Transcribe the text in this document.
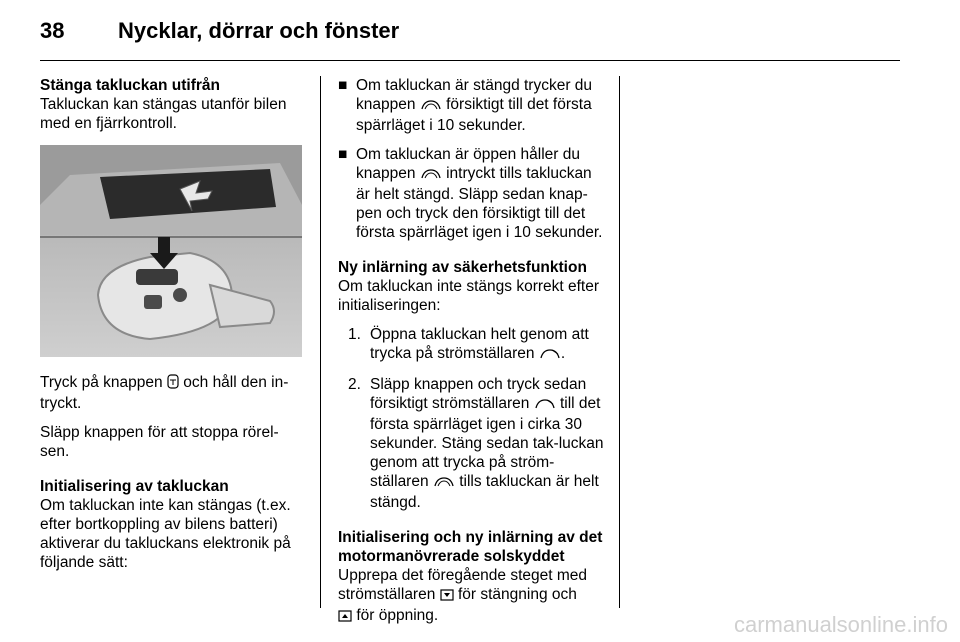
38 Nycklar, dörrar och fönster

Stänga takluckan utifrån

Takluckan kan stängas utanför bilen med en fjärrkontroll.

Tryck på knappen och håll den in-tryckt.

Släpp knappen för att stoppa rörel-sen.

Initialisering av takluckan

Om takluckan inte kan stängas (t.ex. efter bortkoppling av bilens batteri) aktiverar du takluckans elektronik på följande sätt:

■ Om takluckan är stängd trycker du knappen försiktigt till det första spärrläget i 10 sekunder.
■ Om takluckan är öppen håller du knappen intryckt tills takluckan är helt stängd. Släpp sedan knap-pen och tryck den försiktigt till det första spärrläget igen i 10 sekunder.

Ny inlärning av säkerhetsfunktion

Om takluckan inte stängs korrekt efter initialiseringen:

1. Öppna takluckan helt genom att trycka på strömställaren .
2. Släpp knappen och tryck sedan försiktigt strömställaren till det första spärrläget igen i cirka 30 sekunder. Stäng sedan tak-luckan genom att trycka på ström-ställaren tills takluckan är helt stängd.

Initialisering och ny inlärning av det motormanövrerade solskyddet

Upprepa det föregående steget med strömställaren för stängning och
för öppning.	carmanualsonline.info
